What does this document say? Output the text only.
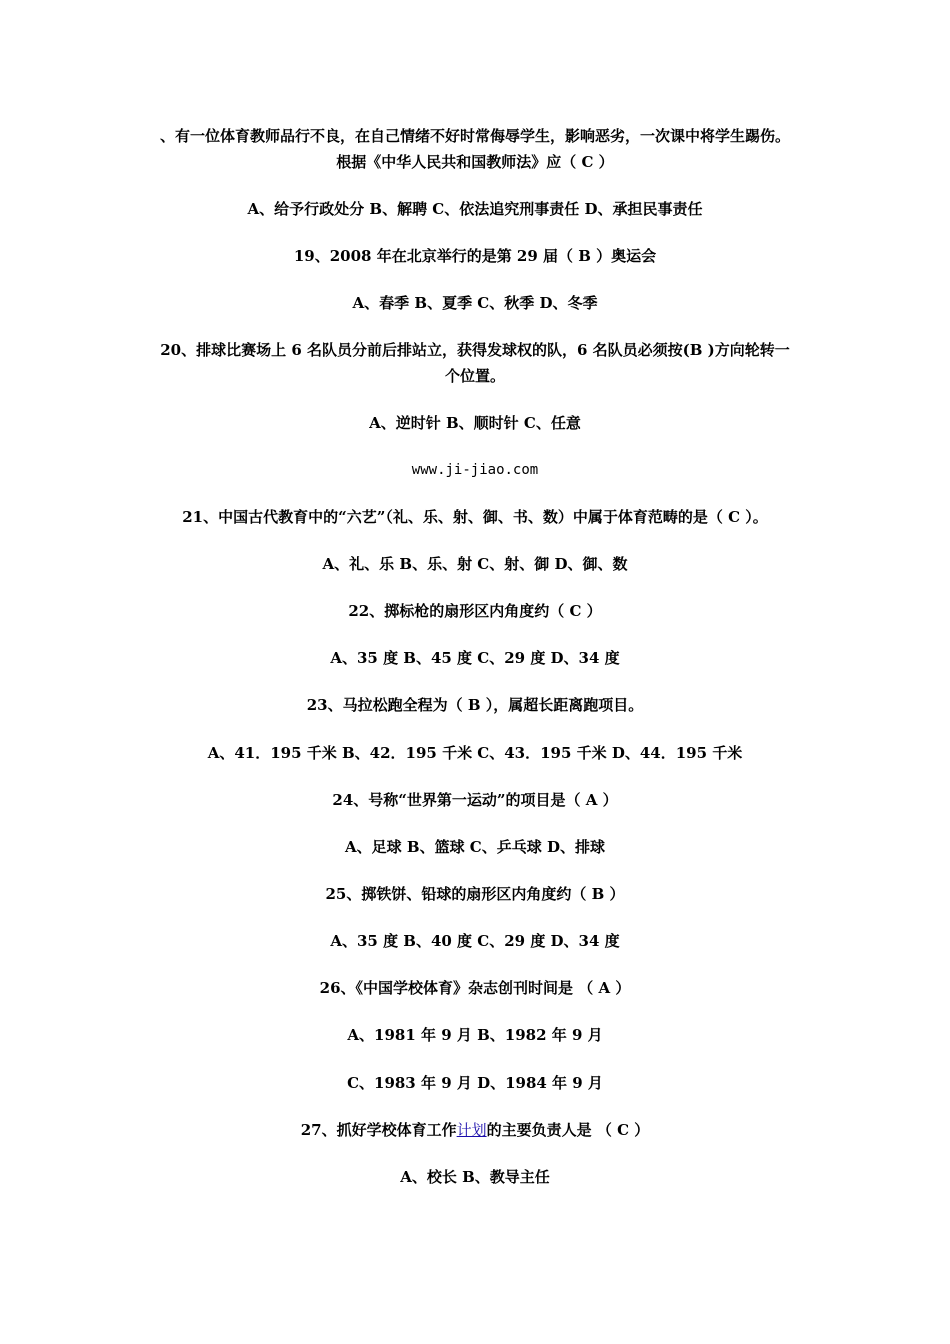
、有一位体育教师品行不良，在自己情绪不好时常侮辱学生，影响恶劣，一次课中将学生踢伤。
根据《中华人民共和国教师法》应（ C ）
A、给予行政处分 B、解聘 C、依法追究刑事责任 D、承担民事责任
19、2008 年在北京举行的是第 29 届（ B ）奥运会
A、春季 B、夏季 C、秋季 D、冬季
20、排球比赛场上 6 名队员分前后排站立，获得发球权的队，6 名队员必须按(B )方向轮转一
个位置。
A、逆时针 B、顺时针 C、任意
www.ji-jiao.com
21、中国古代教育中的“六艺”（礼、乐、射、御、书、数）中属于体育范畴的是（ C ）。
A、礼、乐 B、乐、射 C、射、御 D、御、数
22、掷标枪的扇形区内角度约（ C ）
A、35 度 B、45 度 C、29 度 D、34 度
23、马拉松跑全程为（ B ），属超长距离跑项目。
A、41．195 千米 B、42．195 千米 C、43．195 千米 D、44．195 千米
24、号称“世界第一运动”的项目是（ A ）
A、足球 B、篮球 C、乒乓球 D、排球
25、掷铁饼、铅球的扇形区内角度约（ B ）
A、35 度 B、40 度 C、29 度 D、34 度
26、《中国学校体育》杂志创刊时间是 （ A ）
A、1981 年 9 月 B、1982 年 9 月
C、1983 年 9 月 D、1984 年 9 月
27、抓好学校体育工作计划的主要负责人是 （ C ）
A、校长 B、教导主任
